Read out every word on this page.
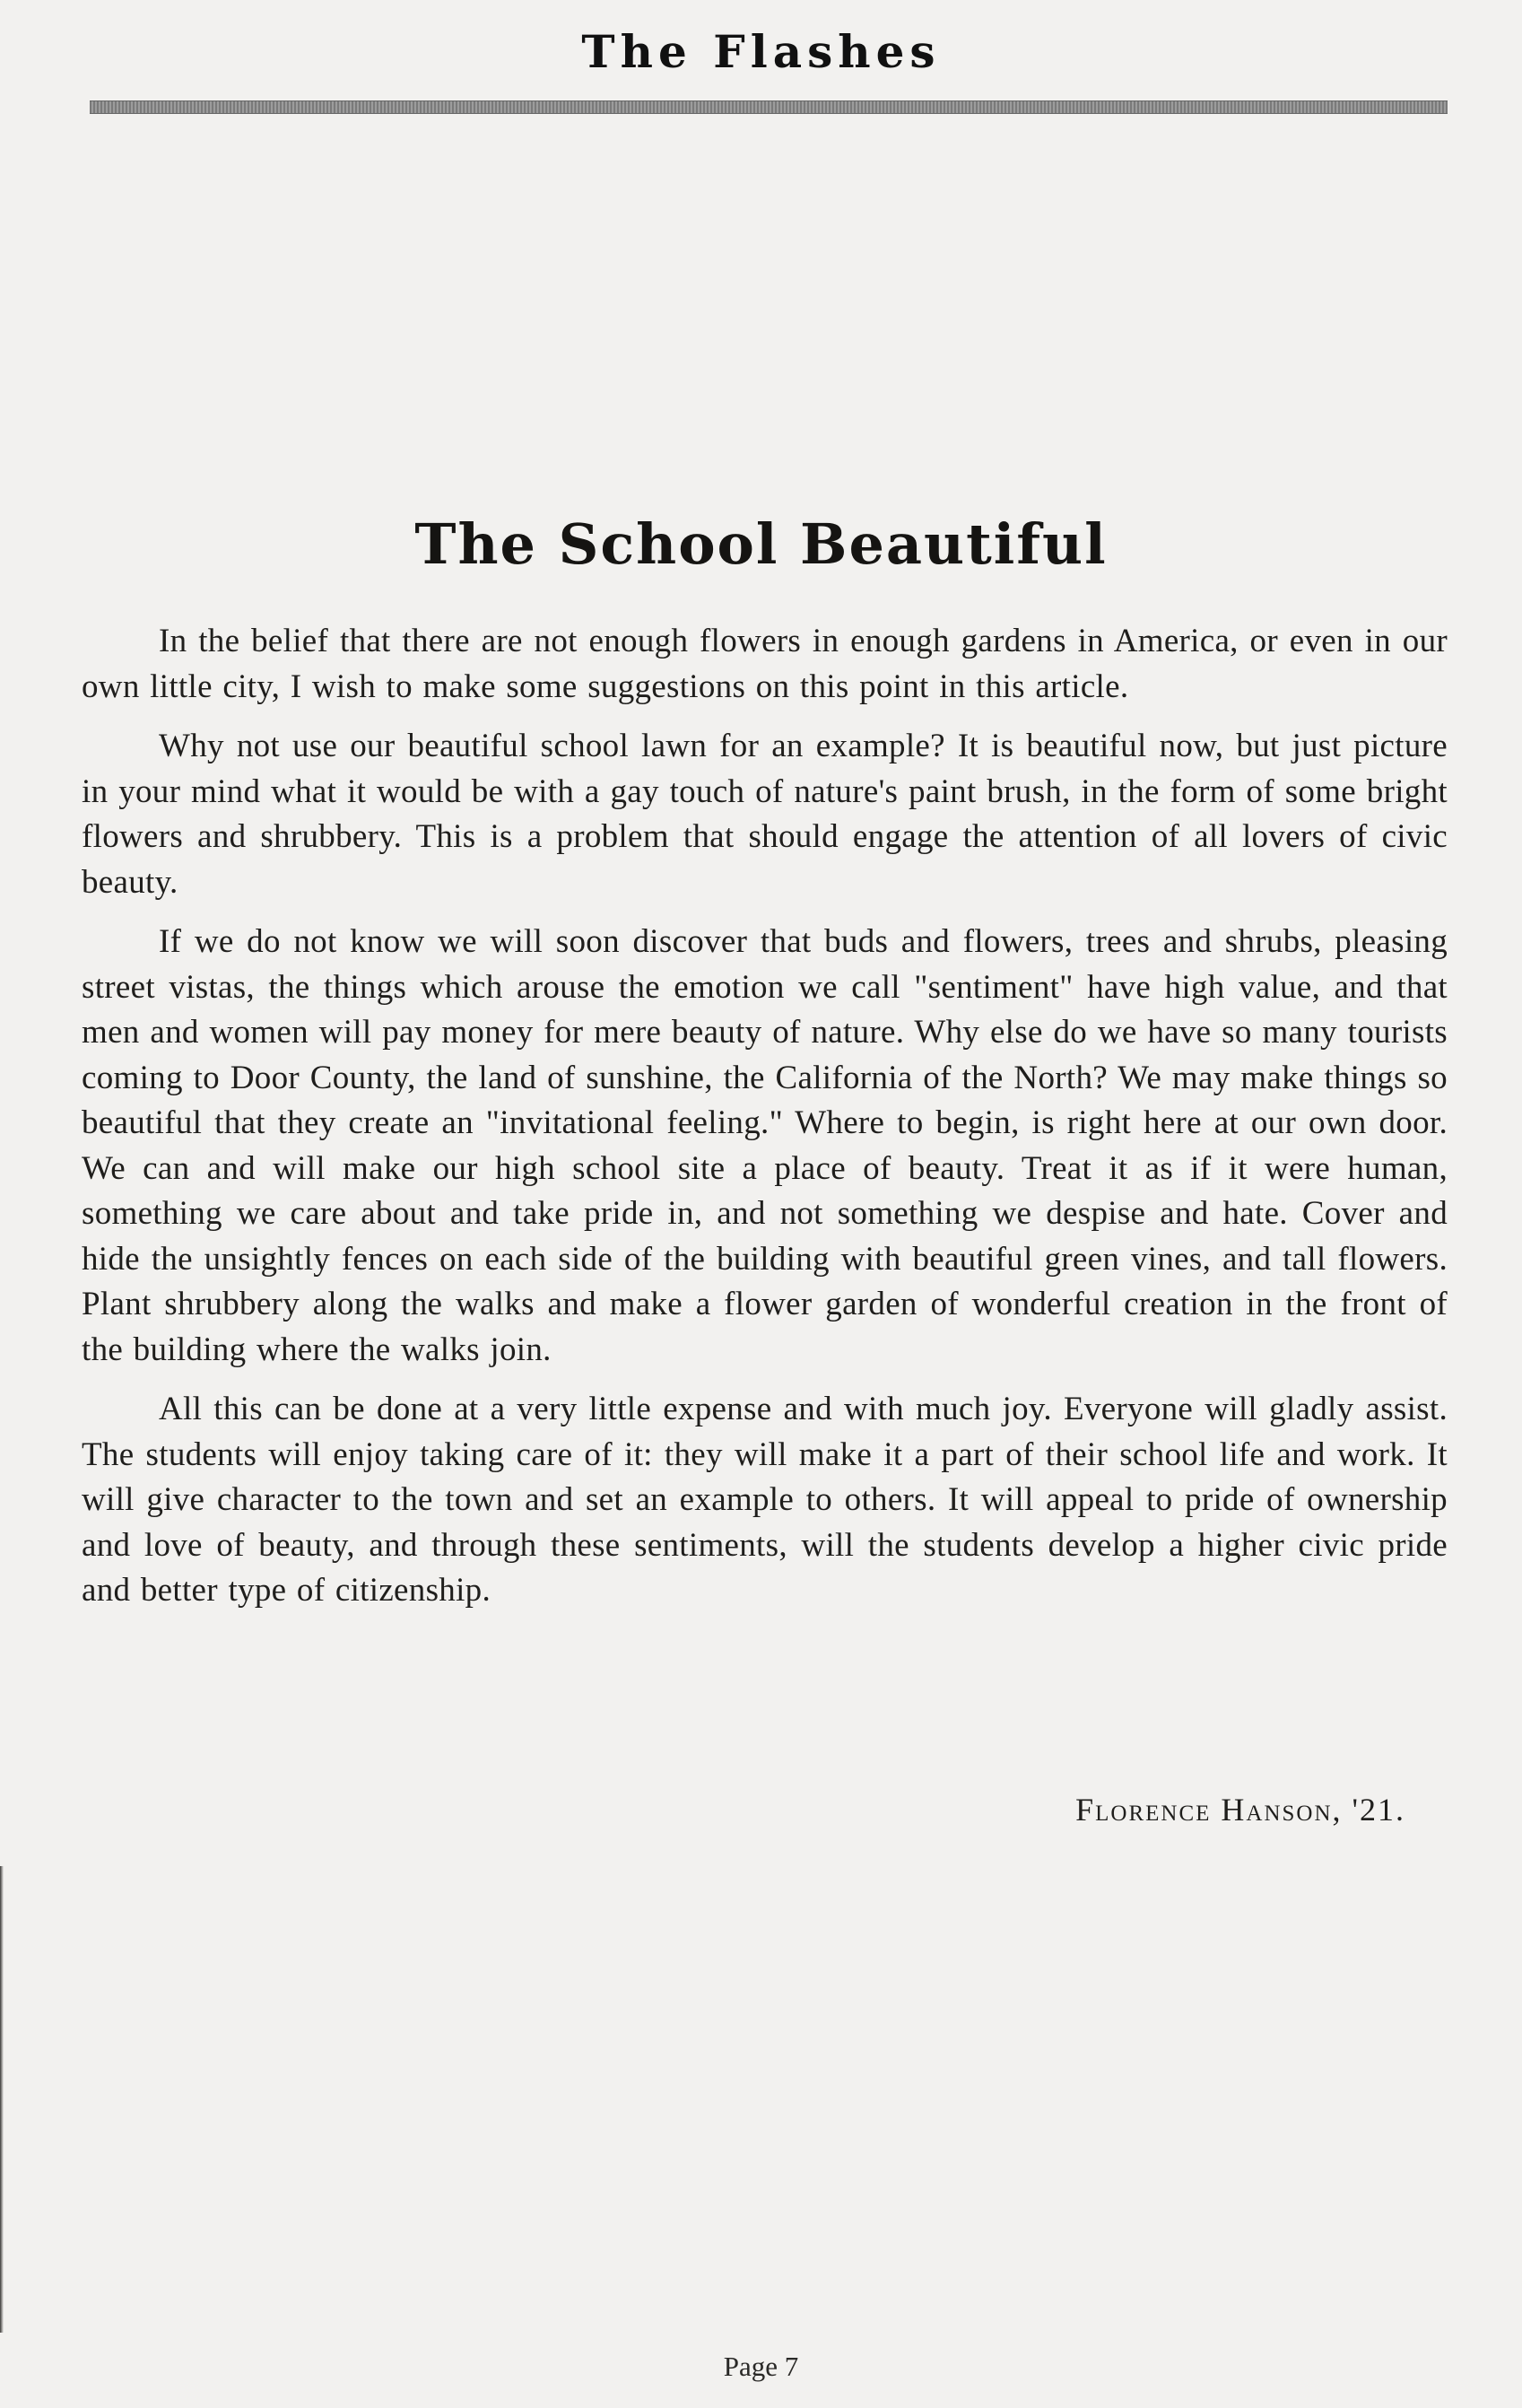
The Flashes
The School Beautiful

In the belief that there are not enough flowers in enough gardens in America, or even in our own little city, I wish to make some suggestions on this point in this article.

Why not use our beautiful school lawn for an example? It is beautiful now, but just picture in your mind what it would be with a gay touch of nature's paint brush, in the form of some bright flowers and shrubbery. This is a problem that should engage the attention of all lovers of civic beauty.

If we do not know we will soon discover that buds and flowers, trees and shrubs, pleasing street vistas, the things which arouse the emotion we call "sentiment" have high value, and that men and women will pay money for mere beauty of nature. Why else do we have so many tourists coming to Door County, the land of sunshine, the California of the North? We may make things so beautiful that they create an "invitational feeling." Where to begin, is right here at our own door. We can and will make our high school site a place of beauty. Treat it as if it were human, something we care about and take pride in, and not something we despise and hate. Cover and hide the unsightly fences on each side of the building with beautiful green vines, and tall flowers. Plant shrubbery along the walks and make a flower garden of wonderful creation in the front of the building where the walks join.

All this can be done at a very little expense and with much joy. Everyone will gladly assist. The students will enjoy taking care of it: they will make it a part of their school life and work. It will give character to the town and set an example to others. It will appeal to pride of ownership and love of beauty, and through these sentiments, will the students develop a higher civic pride and better type of citizenship.

Florence Hanson, '21.
Page 7
